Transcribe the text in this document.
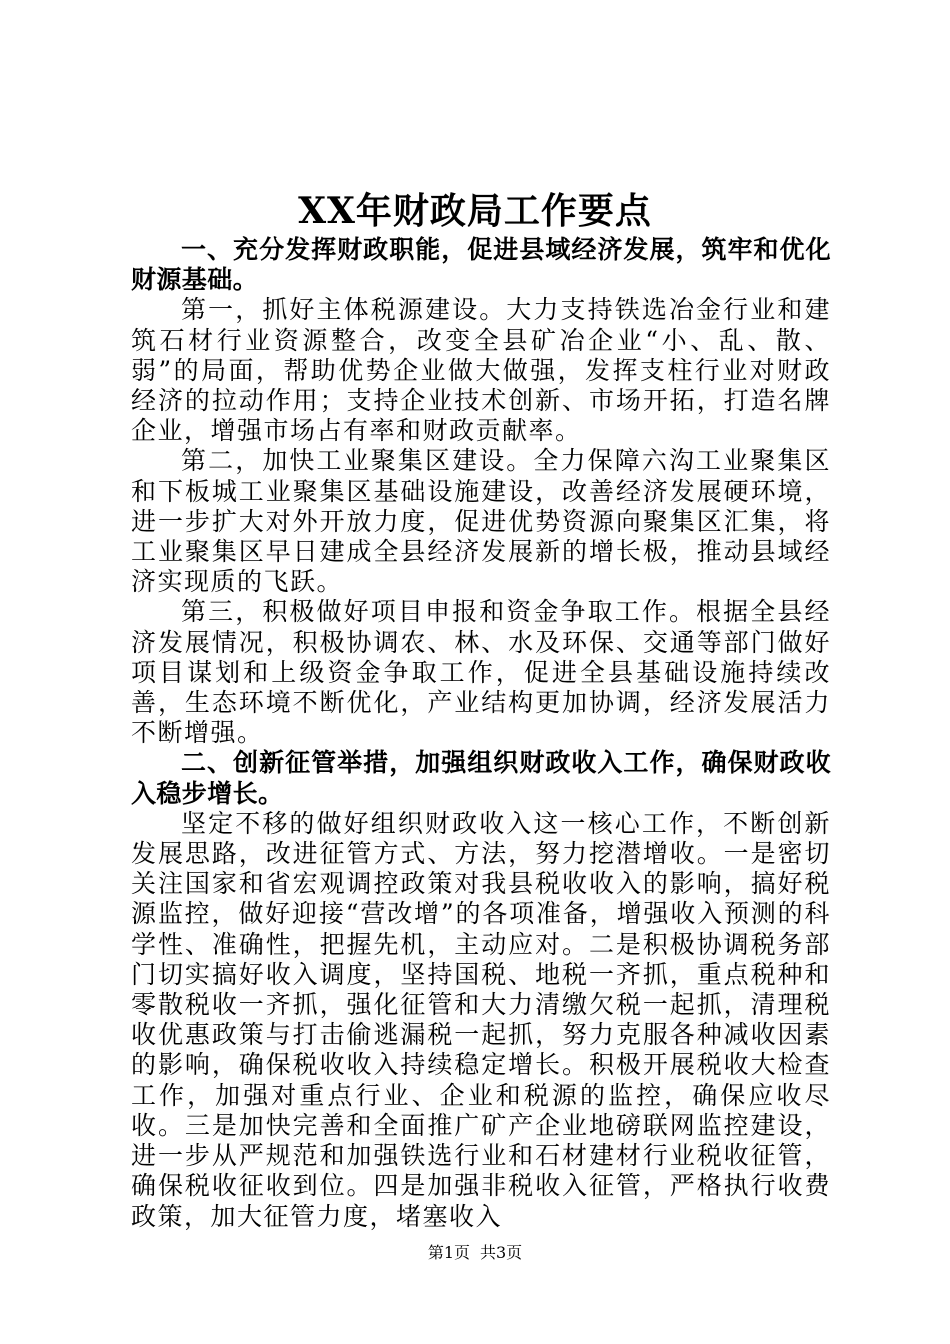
XX年财政局工作要点

一、充分发挥财政职能，促进县域经济发展，筑牢和优化财源基础。

第一，抓好主体税源建设。大力支持铁选冶金行业和建筑石材行业资源整合，改变全县矿冶企业“小、乱、散、弱”的局面，帮助优势企业做大做强，发挥支柱行业对财政经济的拉动作用；支持企业技术创新、市场开拓，打造名牌企业，增强市场占有率和财政贡献率。

第二，加快工业聚集区建设。全力保障六沟工业聚集区和下板城工业聚集区基础设施建设，改善经济发展硬环境，进一步扩大对外开放力度，促进优势资源向聚集区汇集，将工业聚集区早日建成全县经济发展新的增长极，推动县域经济实现质的飞跃。

第三，积极做好项目申报和资金争取工作。根据全县经济发展情况，积极协调农、林、水及环保、交通等部门做好项目谋划和上级资金争取工作，促进全县基础设施持续改善，生态环境不断优化，产业结构更加协调，经济发展活力不断增强。

二、创新征管举措，加强组织财政收入工作，确保财政收入稳步增长。

坚定不移的做好组织财政收入这一核心工作，不断创新发展思路，改进征管方式、方法，努力挖潜增收。一是密切关注国家和省宏观调控政策对我县税收收入的影响，搞好税源监控，做好迎接“营改增”的各项准备，增强收入预测的科学性、准确性，把握先机，主动应对。二是积极协调税务部门切实搞好收入调度，坚持国税、地税一齐抓，重点税种和零散税收一齐抓，强化征管和大力清缴欠税一起抓，清理税收优惠政策与打击偷逃漏税一起抓，努力克服各种减收因素的影响，确保税收收入持续稳定增长。积极开展税收大检查工作，加强对重点行业、企业和税源的监控，确保应收尽收。三是加快完善和全面推广矿产企业地磅联网监控建设，进一步从严规范和加强铁选行业和石材建材行业税收征管，确保税收征收到位。四是加强非税收入征管，严格执行收费政策，加大征管力度，堵塞收入

第1页 共3页
